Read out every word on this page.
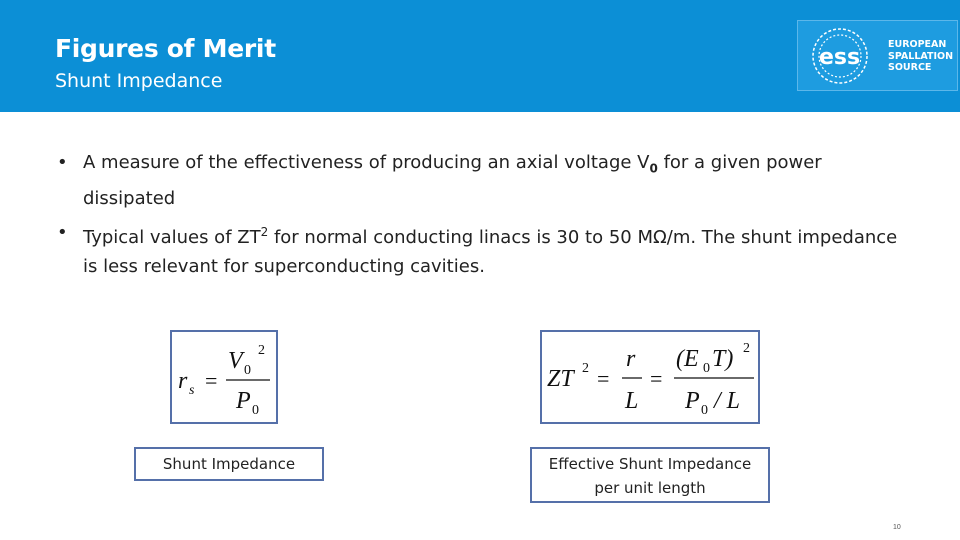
Figures of Merit
Shunt Impedance
ess
EUROPEAN
SPALLATION
SOURCE
• A measure of the effectiveness of producing an axial voltage $V_0$ for a given power dissipated
• Typical values of $ZT^2$ for normal conducting linacs is 30 to 50 MΩ/m. The shunt impedance is less relevant for superconducting cavities.
r s =
V 0
2
P 0
ZT 2 =
r
L
=
(E 0 T) 2
P 0 / L
Shunt Impedance	Effective Shunt Impedance
per unit length
10
